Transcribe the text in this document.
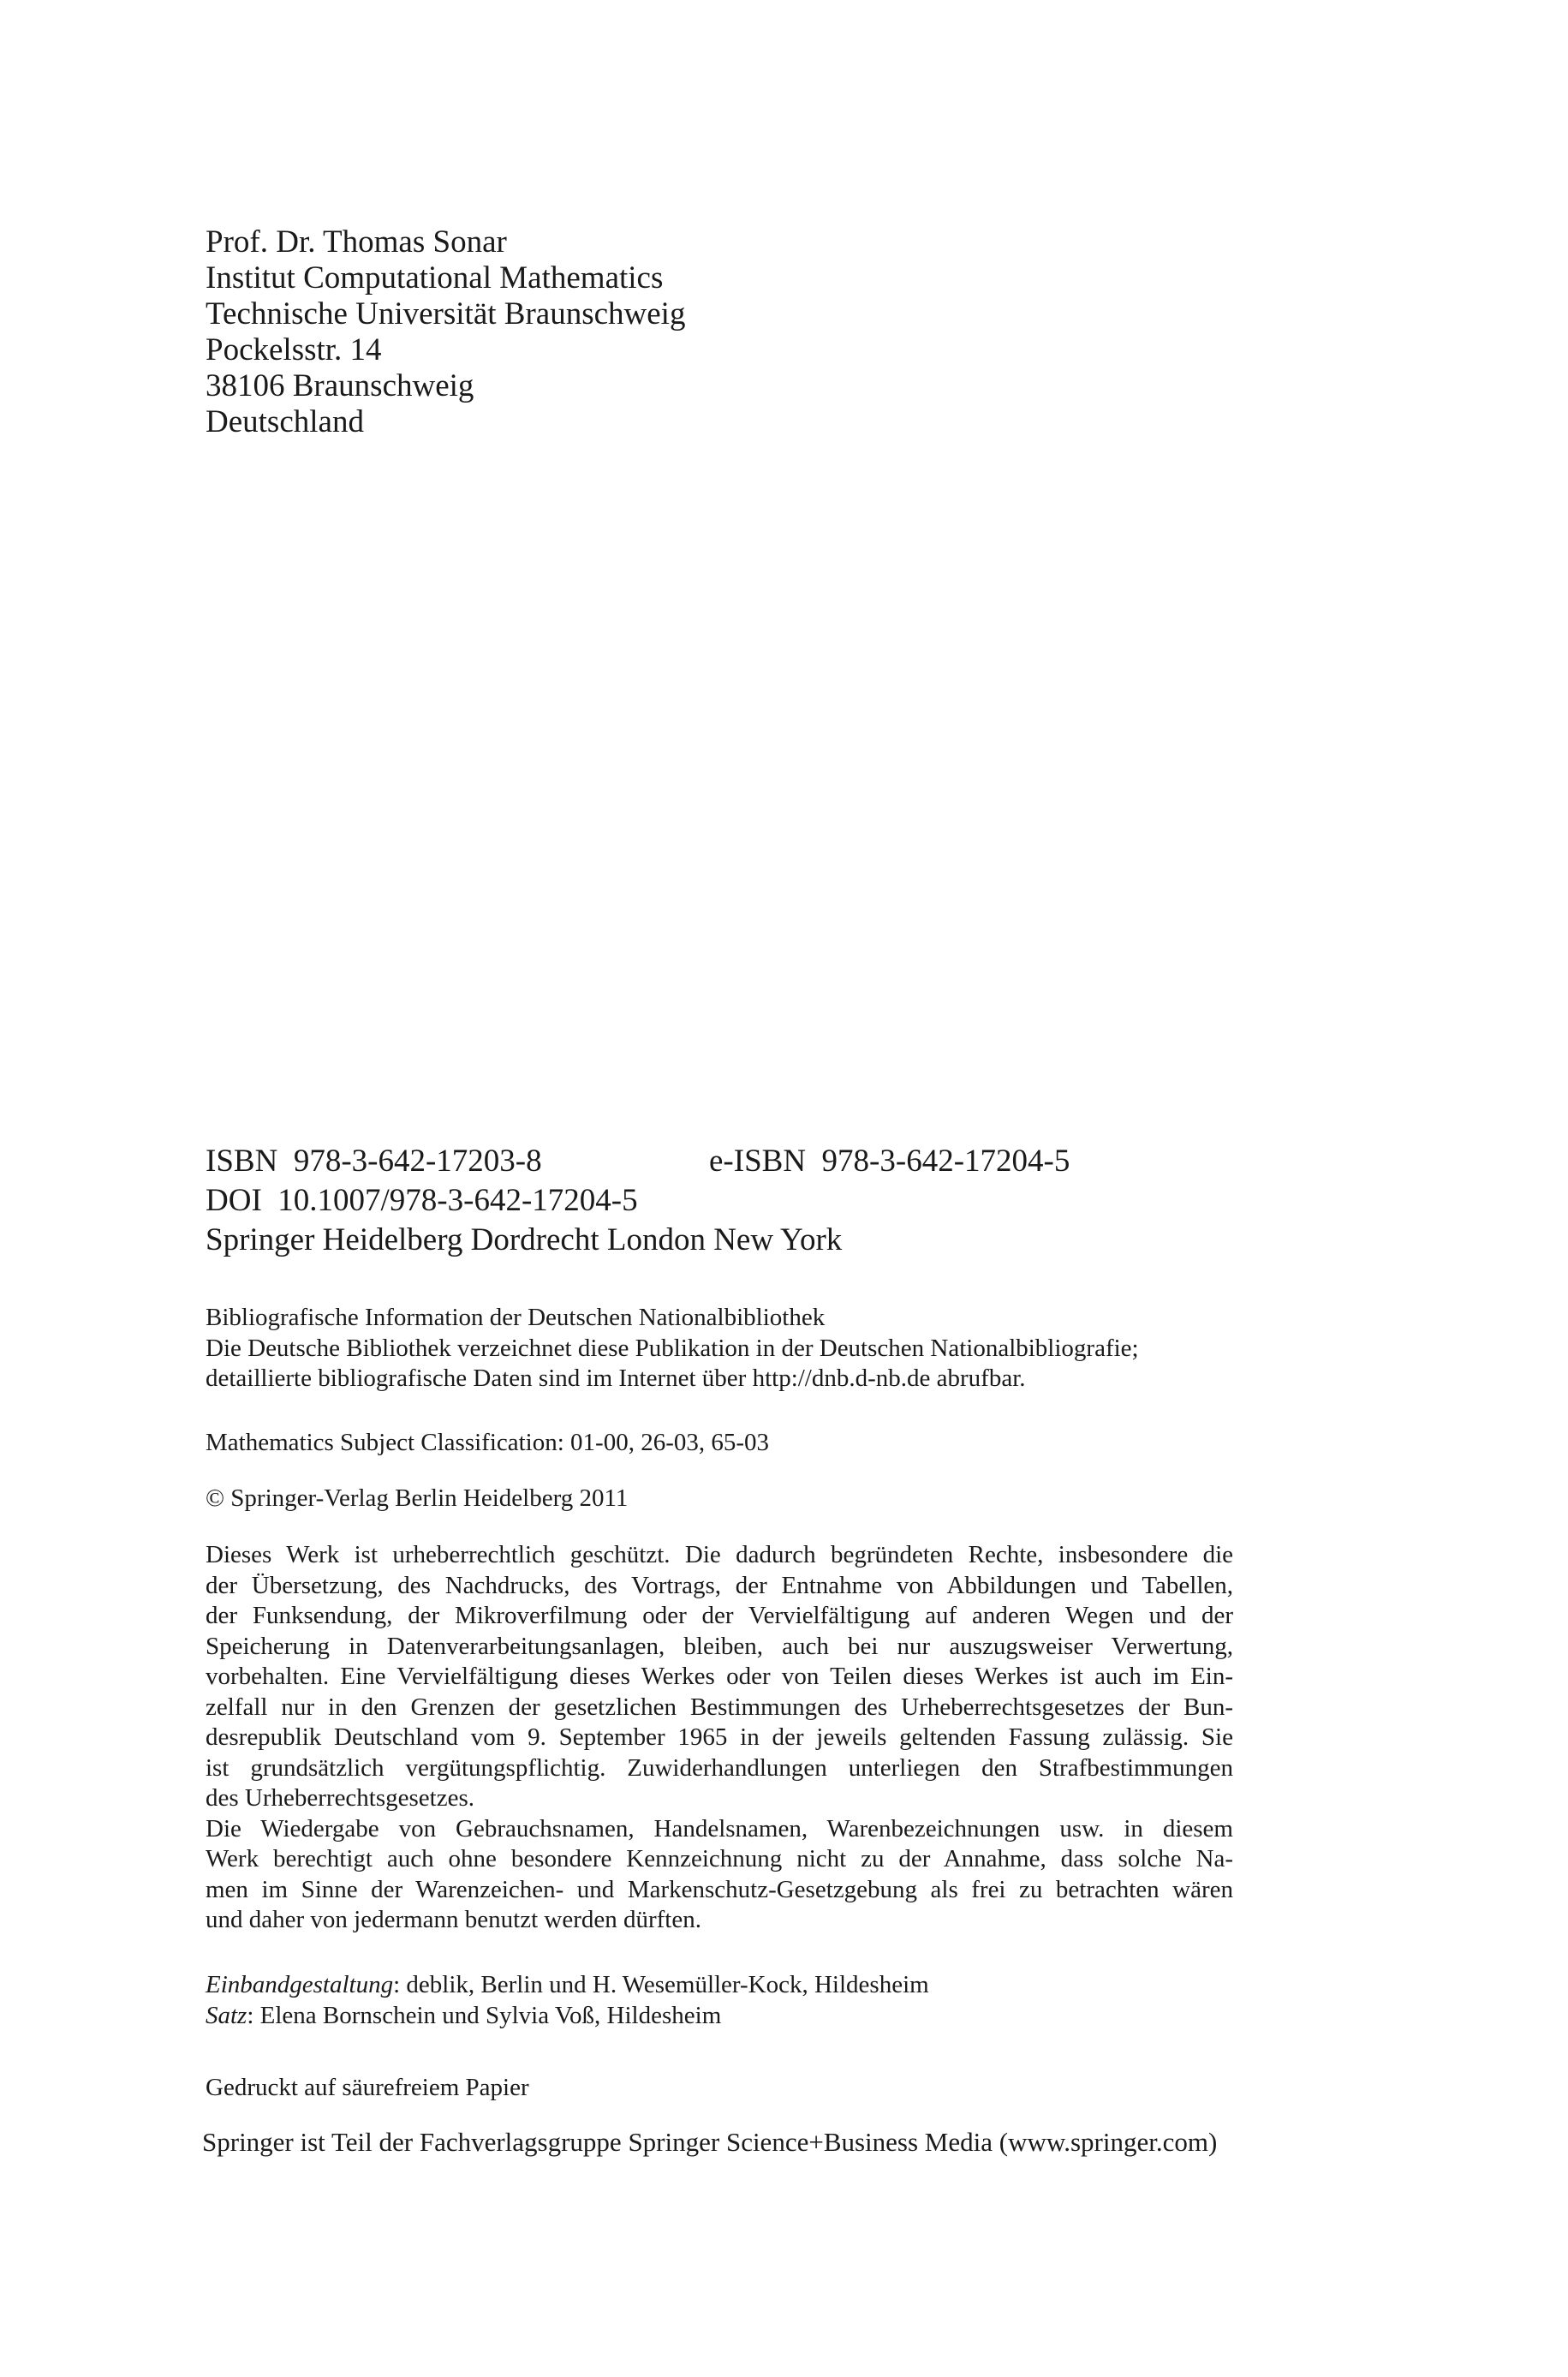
Prof. Dr. Thomas Sonar
Institut Computational Mathematics
Technische Universität Braunschweig
Pockelsstr. 14
38106 Braunschweig
Deutschland
ISBN 978-3-642-17203-8	e-ISBN 978-3-642-17204-5
DOI 10.1007/978-3-642-17204-5
Springer Heidelberg Dordrecht London New York
Bibliografische Information der Deutschen Nationalbibliothek
Die Deutsche Bibliothek verzeichnet diese Publikation in der Deutschen Nationalbibliografie;
detaillierte bibliografische Daten sind im Internet über http://dnb.d-nb.de abrufbar.
Mathematics Subject Classification: 01-00, 26-03, 65-03
© Springer-Verlag Berlin Heidelberg 2011
Dieses Werk ist urheberrechtlich geschützt. Die dadurch begründeten Rechte, insbesondere die
der Übersetzung, des Nachdrucks, des Vortrags, der Entnahme von Abbildungen und Tabellen,
der Funksendung, der Mikroverfilmung oder der Vervielfältigung auf anderen Wegen und der
Speicherung in Datenverarbeitungsanlagen, bleiben, auch bei nur auszugsweiser Verwertung,
vorbehalten. Eine Vervielfältigung dieses Werkes oder von Teilen dieses Werkes ist auch im Ein-
zelfall nur in den Grenzen der gesetzlichen Bestimmungen des Urheberrechtsgesetzes der Bun-
desrepublik Deutschland vom 9. September 1965 in der jeweils geltenden Fassung zulässig. Sie
ist grundsätzlich vergütungspflichtig. Zuwiderhandlungen unterliegen den Strafbestimmungen
des Urheberrechtsgesetzes.
Die Wiedergabe von Gebrauchsnamen, Handelsnamen, Warenbezeichnungen usw. in diesem
Werk berechtigt auch ohne besondere Kennzeichnung nicht zu der Annahme, dass solche Na-
men im Sinne der Warenzeichen- und Markenschutz-Gesetzgebung als frei zu betrachten wären
und daher von jedermann benutzt werden dürften.
Einbandgestaltung: deblik, Berlin und H. Wesemüller-Kock, Hildesheim
Satz: Elena Bornschein und Sylvia Voß, Hildesheim
Gedruckt auf säurefreiem Papier
Springer ist Teil der Fachverlagsgruppe Springer Science+Business Media (www.springer.com)
